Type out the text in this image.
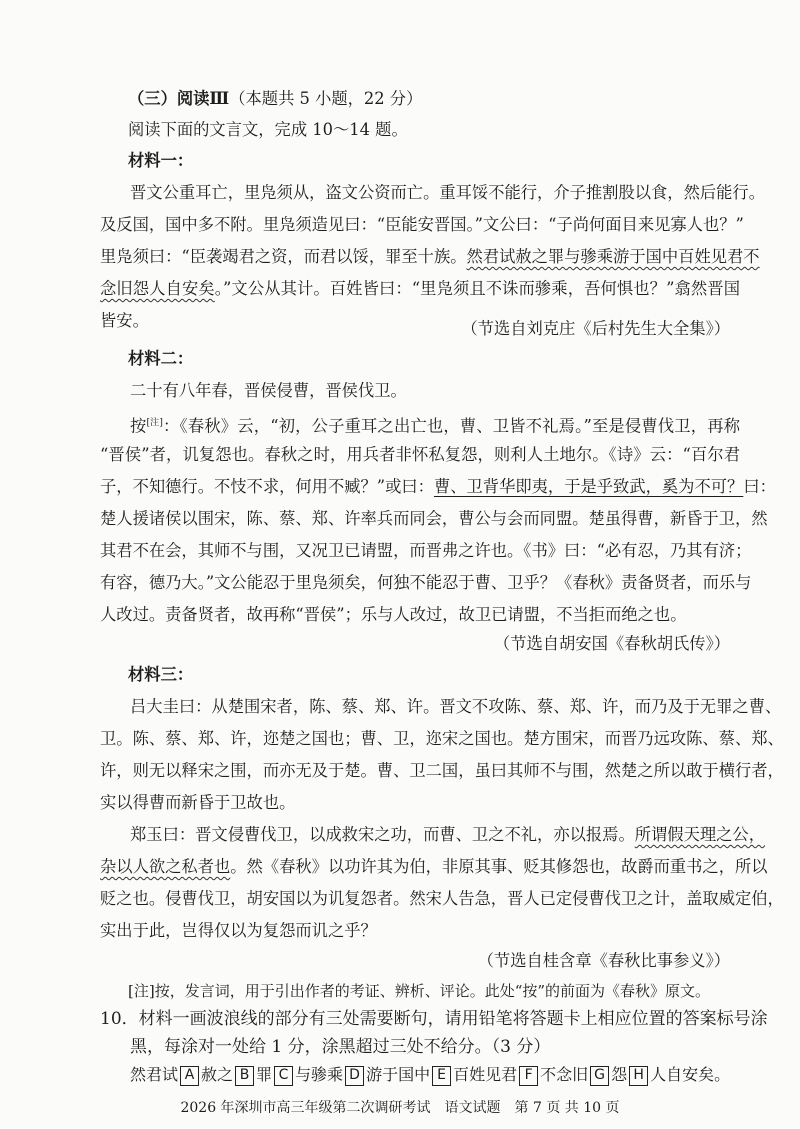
（三）阅读Ⅲ（本题共 5 小题，22 分）
阅读下面的文言文，完成 10～14 题。
材料一：
晋文公重耳亡，里凫须从，盗文公资而亡。重耳馁不能行，介子推割股以食，然后能行。
及反国，国中多不附。里凫须造见曰：“臣能安晋国。”文公曰：“子尚何面目来见寡人也？”
里凫须曰：“臣袭竭君之资，而君以馁，罪至十族。然君试赦之罪与骖乘游于国中百姓见君不
念旧怨人自安矣。”文公从其计。百姓皆曰：“里凫须且不诛而骖乘，吾何惧也？”翕然晋国
皆安。	（节选自刘克庄《后村先生大全集》）
材料二：
二十有八年春，晋侯侵曹，晋侯伐卫。
按[注]：《春秋》云，“初，公子重耳之出亡也，曹、卫皆不礼焉。”至是侵曹伐卫，再称
“晋侯”者，讥复怨也。春秋之时，用兵者非怀私复怨，则利人土地尔。《诗》云：“百尔君
子，不知德行。不忮不求，何用不臧？”或曰：曹、卫背华即夷，于是乎致武，奚为不可？曰：
楚人援诸侯以围宋，陈、蔡、郑、许率兵而同会，曹公与会而同盟。楚虽得曹，新昏于卫，然
其君不在会，其师不与围，又况卫已请盟，而晋弗之许也。《书》曰：“必有忍，乃其有济；
有容，德乃大。”文公能忍于里凫须矣，何独不能忍于曹、卫乎？《春秋》责备贤者，而乐与
人改过。责备贤者，故再称“晋侯”；乐与人改过，故卫已请盟，不当拒而绝之也。
（节选自胡安国《春秋胡氏传》）
材料三：
吕大圭曰：从楚围宋者，陈、蔡、郑、许。晋文不攻陈、蔡、郑、许，而乃及于无罪之曹、
卫。陈、蔡、郑、许，迩楚之国也；曹、卫，迩宋之国也。楚方围宋，而晋乃远攻陈、蔡、郑、
许，则无以释宋之围，而亦无及于楚。曹、卫二国，虽曰其师不与围，然楚之所以敢于横行者，
实以得曹而新昏于卫故也。
郑玉曰：晋文侵曹伐卫，以成救宋之功，而曹、卫之不礼，亦以报焉。所谓假天理之公，
杂以人欲之私者也。然《春秋》以功许其为伯，非原其事、贬其修怨也，故爵而重书之，所以
贬之也。侵曹伐卫，胡安国以为讥复怨者。然宋人告急，晋人已定侵曹伐卫之计，盖取威定伯，
实出于此，岂得仅以为复怨而讥之乎？
（节选自桂含章《春秋比事参义》）
[注]按，发言词，用于引出作者的考证、辨析、评论。此处“按”的前面为《春秋》原文。
10．材料一画波浪线的部分有三处需要断句，请用铅笔将答题卡上相应位置的答案标号涂
黑，每涂对一处给 1 分，涂黑超过三处不给分。（3 分）
2026 年深圳市高三年级第二次调研考试　语文试题　第 7 页 共 10 页
然君试 A 赦之 B 罪 C 与骖乘 D 游于国中 E 百姓见君 F 不念旧 G 怨 H 人自安矣。
